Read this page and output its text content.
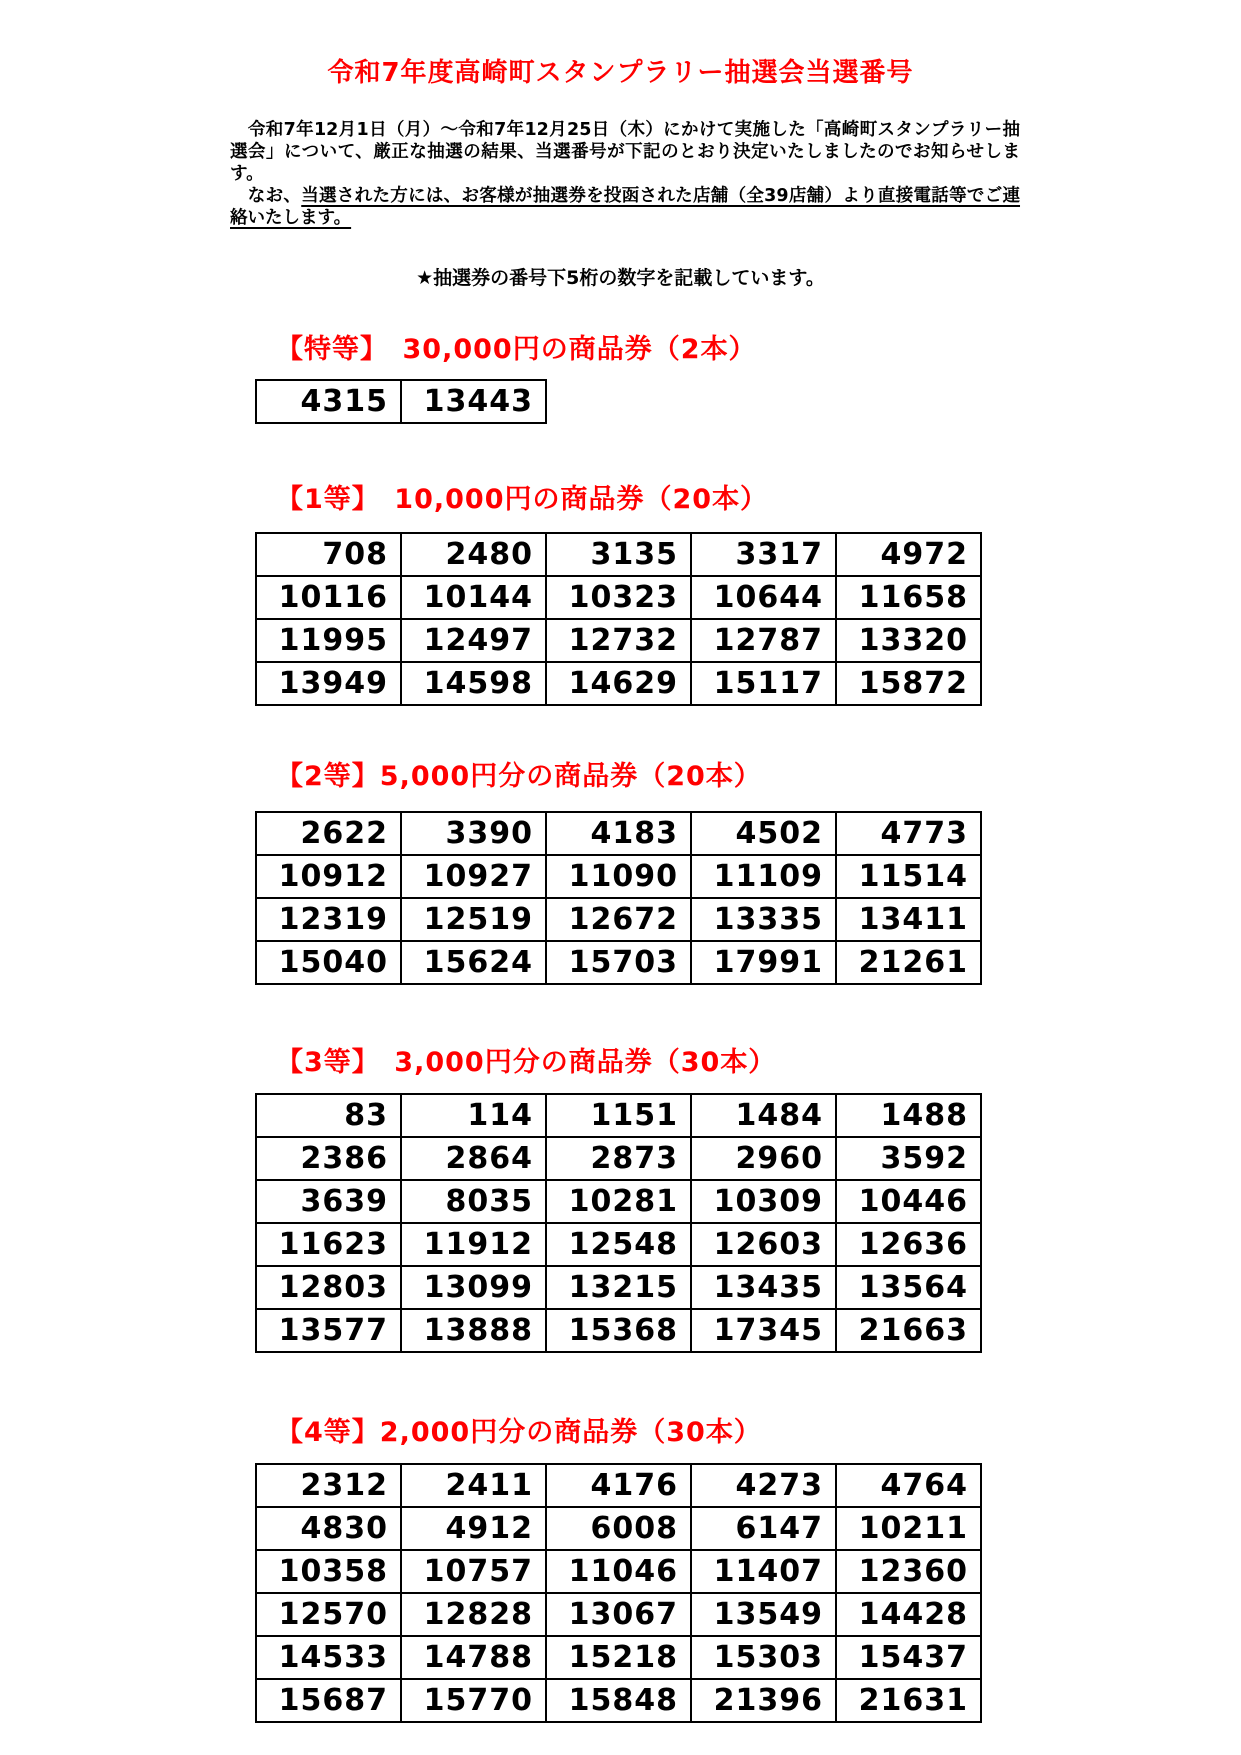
令和7年度高崎町スタンプラリー抽選会当選番号

　令和7年12月1日（月）～令和7年12月25日（木）にかけて実施した「高崎町スタンプラリー抽選会」について、厳正な抽選の結果、当選番号が下記のとおり決定いたしましたのでお知らせします。
　なお、当選された方には、お客様が抽選券を投函された店舗（全39店舗）より直接電話等でご連絡いたします。

★抽選券の番号下5桁の数字を記載しています。

【特等】　30,000円の商品券（2本）
4315	13443
【1等】　10,000円の商品券（20本）
708	2480	3135	3317	4972
10116	10144	10323	10644	11658
11995	12497	12732	12787	13320
13949	14598	14629	15117	15872
【2等】5,000円分の商品券（20本）
2622	3390	4183	4502	4773
10912	10927	11090	11109	11514
12319	12519	12672	13335	13411
15040	15624	15703	17991	21261
【3等】　3,000円分の商品券（30本）
83	114	1151	1484	1488
2386	2864	2873	2960	3592
3639	8035	10281	10309	10446
11623	11912	12548	12603	12636
12803	13099	13215	13435	13564
13577	13888	15368	17345	21663
【4等】2,000円分の商品券（30本）
2312	2411	4176	4273	4764
4830	4912	6008	6147	10211
10358	10757	11046	11407	12360
12570	12828	13067	13549	14428
14533	14788	15218	15303	15437
15687	15770	15848	21396	21631
